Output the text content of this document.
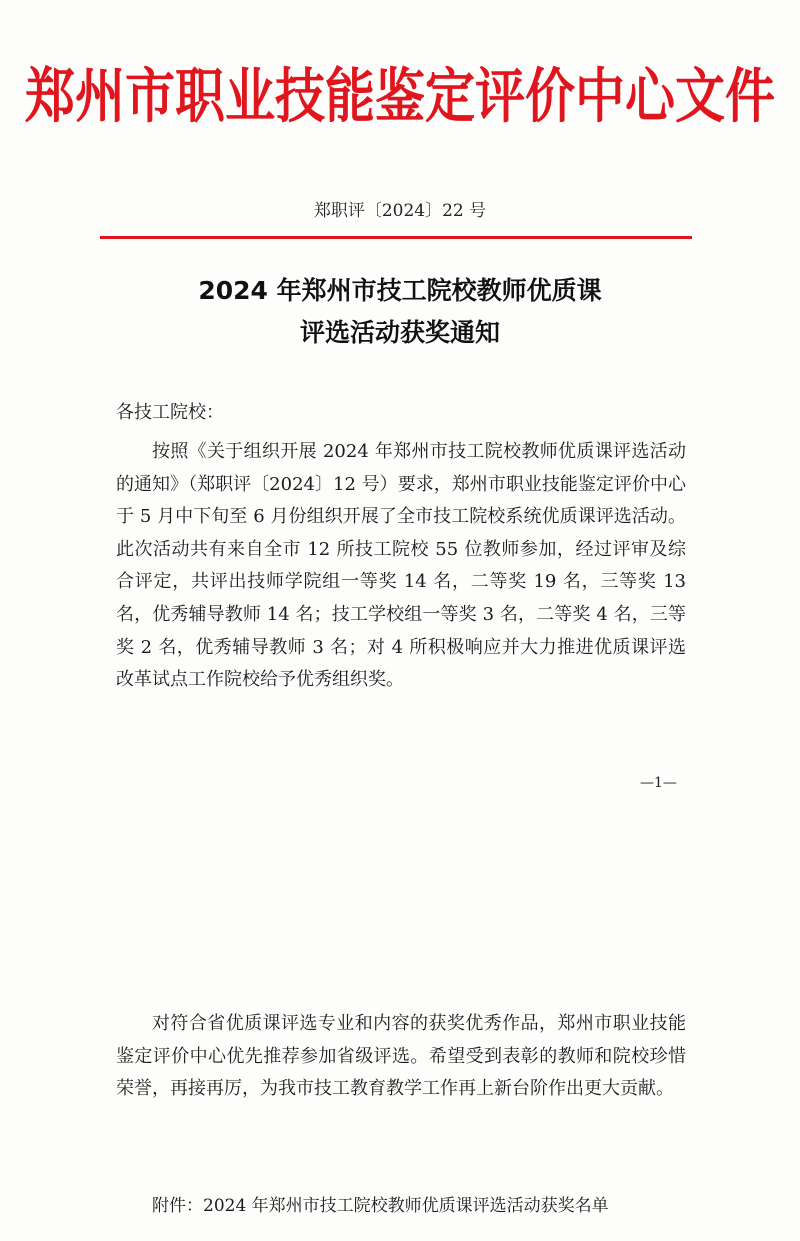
郑州市职业技能鉴定评价中心文件
郑职评〔2024〕22 号
2024 年郑州市技工院校教师优质课
评选活动获奖通知
各技工院校：
按照《关于组织开展 2024 年郑州市技工院校教师优质课评选活动的通知》（郑职评〔2024〕12 号）要求，郑州市职业技能鉴定评价中心于 5 月中下旬至 6 月份组织开展了全市技工院校系统优质课评选活动。此次活动共有来自全市 12 所技工院校 55 位教师参加，经过评审及综合评定，共评出技师学院组一等奖 14 名，二等奖 19 名，三等奖 13 名，优秀辅导教师 14 名；技工学校组一等奖 3 名，二等奖 4 名，三等奖 2 名，优秀辅导教师 3 名；对 4 所积极响应并大力推进优质课评选改革试点工作院校给予优秀组织奖。
—1—
对符合省优质课评选专业和内容的获奖优秀作品，郑州市职业技能鉴定评价中心优先推荐参加省级评选。希望受到表彰的教师和院校珍惜荣誉，再接再厉，为我市技工教育教学工作再上新台阶作出更大贡献。
附件：2024 年郑州市技工院校教师优质课评选活动获奖名单
